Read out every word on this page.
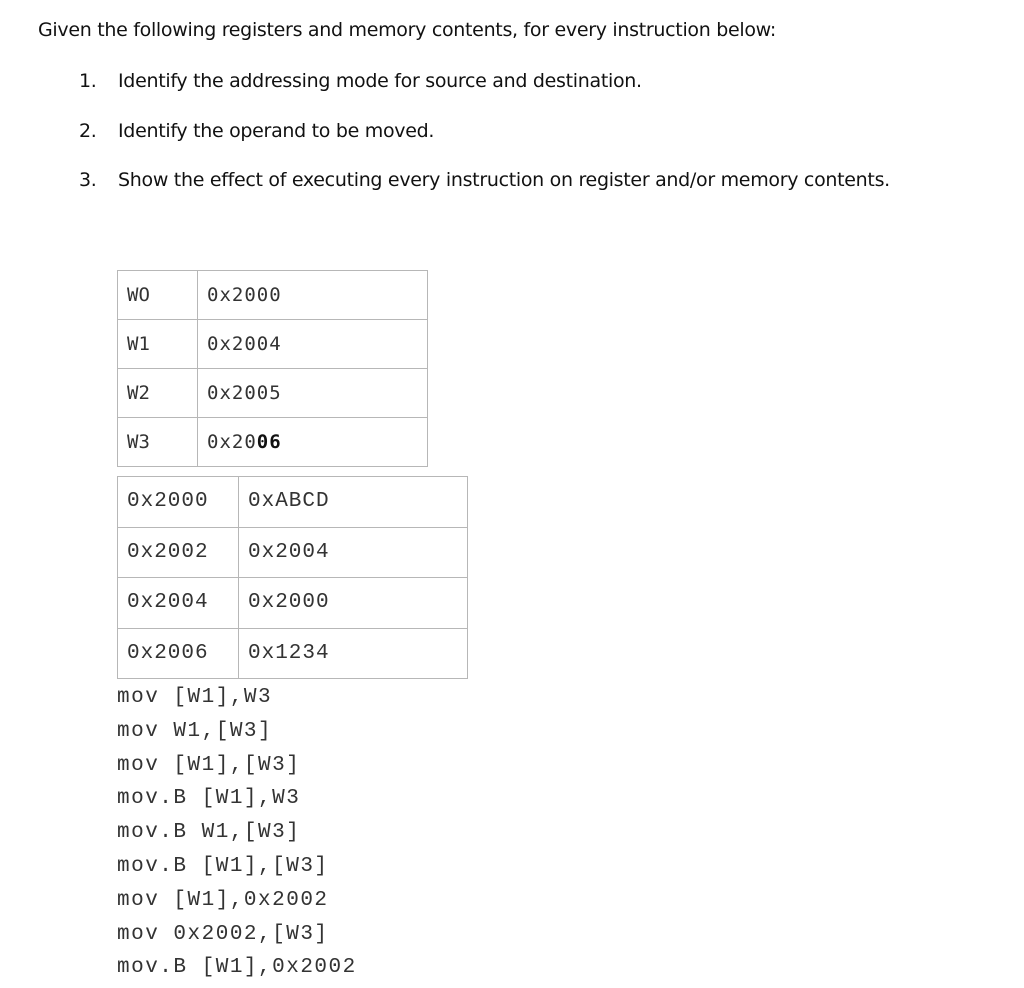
Given the following registers and memory contents, for every instruction below:
1. Identify the addressing mode for source and destination.
2. Identify the operand to be moved.
3. Show the effect of executing every instruction on register and/or memory contents.
WO	0x2000
W1	0x2004
W2	0x2005
W3	0x2006
0x2000	0xABCD
0x2002	0x2004
0x2004	0x2000
0x2006	0x1234
mov [W1],W3
mov W1,[W3]
mov [W1],[W3]
mov.B [W1],W3
mov.B W1,[W3]
mov.B [W1],[W3]
mov [W1],0x2002
mov 0x2002,[W3]
mov.B [W1],0x2002
